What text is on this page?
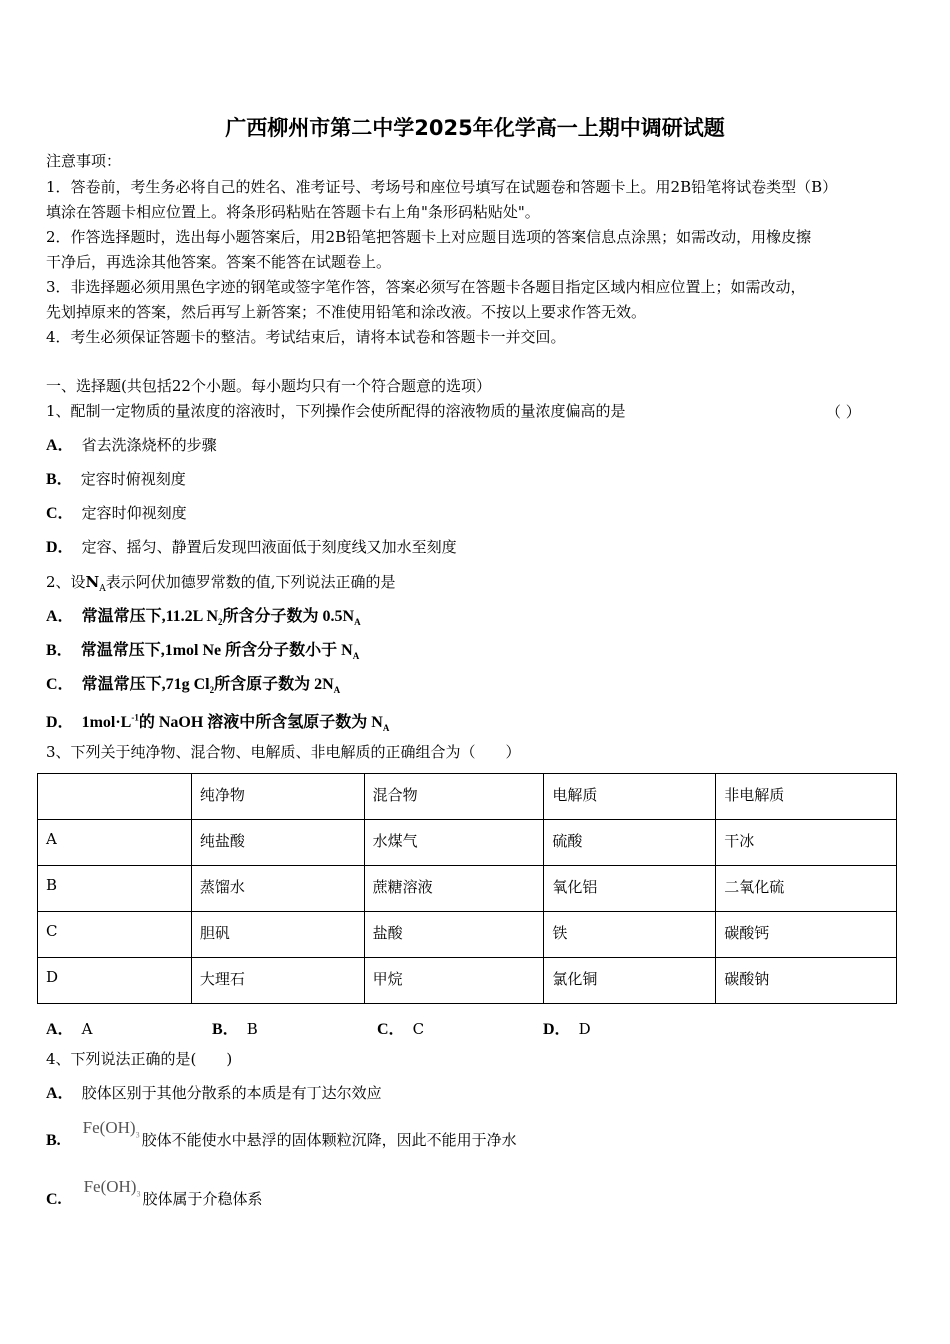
广西柳州市第二中学2025年化学高一上期中调研试题
注意事项：
1．答卷前，考生务必将自己的姓名、准考证号、考场号和座位号填写在试题卷和答题卡上。用2B铅笔将试卷类型（B）
填涂在答题卡相应位置上。将条形码粘贴在答题卡右上角"条形码粘贴处"。
2．作答选择题时，选出每小题答案后，用2B铅笔把答题卡上对应题目选项的答案信息点涂黑；如需改动，用橡皮擦
干净后，再选涂其他答案。答案不能答在试题卷上。
3．非选择题必须用黑色字迹的钢笔或签字笔作答，答案必须写在答题卡各题目指定区域内相应位置上；如需改动，
先划掉原来的答案，然后再写上新答案；不准使用铅笔和涂改液。不按以上要求作答无效。
4．考生必须保证答题卡的整洁。考试结束后，请将本试卷和答题卡一并交回。
一、选择题(共包括22个小题。每小题均只有一个符合题意的选项）
1、配制一定物质的量浓度的溶液时，下列操作会使所配得的溶液物质的量浓度偏高的是	（ ）
A． 省去洗涤烧杯的步骤
B． 定容时俯视刻度
C． 定容时仰视刻度
D． 定容、摇匀、静置后发现凹液面低于刻度线又加水至刻度
2、设$N_A$表示阿伏加德罗常数的值,下列说法正确的是
A． 常温常压下,11.2L $N_2$所含分子数为 $0.5N_A$
B． 常温常压下,1mol Ne 所含分子数小于 $N_A$
C． 常温常压下,71g $Cl_2$所含原子数为 $2N_A$
D． $1mol\cdot L^{-1}$的 NaOH 溶液中所含氢原子数为 $N_A$
3、下列关于纯净物、混合物、电解质、非电解质的正确组合为（　　）
	纯净物	混合物	电解质	非电解质
A	纯盐酸	水煤气	硫酸	干冰
B	蒸馏水	蔗糖溶液	氧化铝	二氧化硫
C	胆矾	盐酸	铁	碳酸钙
D	大理石	甲烷	氯化铜	碳酸钠
A． A	B． B	C． C	D． D
4、下列说法正确的是(　　)
A． 胶体区别于其他分散系的本质是有丁达尔效应
$B.Fe(OH)_3$ 胶体不能使水中悬浮的固体颗粒沉降，因此不能用于净水
$C.Fe(OH)_3$ 胶体属于介稳体系
